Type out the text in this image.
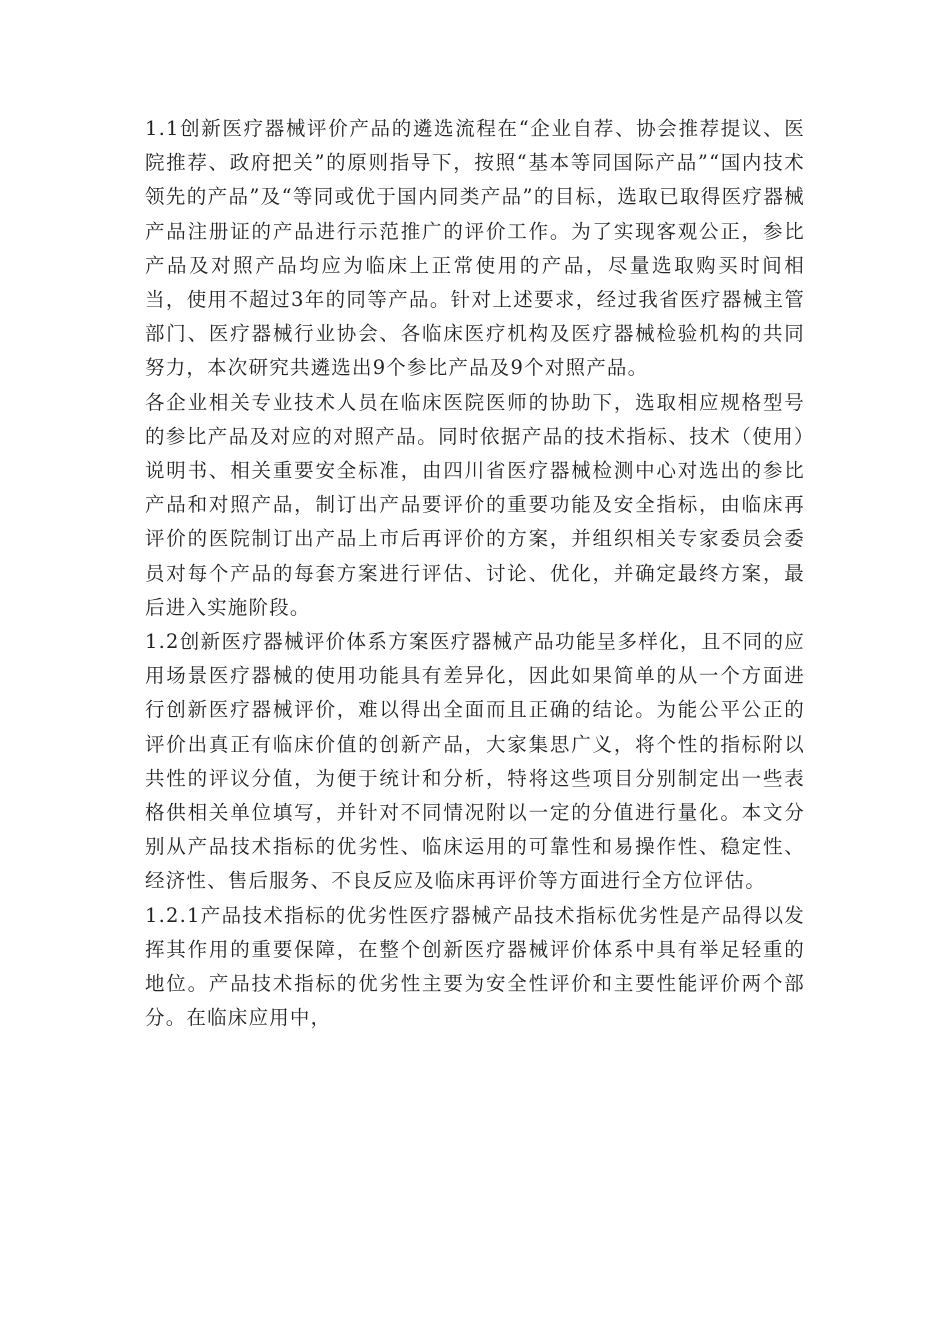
1.1创新医疗器械评价产品的遴选流程在“企业自荐、协会推荐提议、医院推荐、政府把关”的原则指导下，按照“基本等同国际产品”“国内技术领先的产品”及“等同或优于国内同类产品”的目标，选取已取得医疗器械产品注册证的产品进行示范推广的评价工作。为了实现客观公正，参比产品及对照产品均应为临床上正常使用的产品，尽量选取购买时间相当，使用不超过3年的同等产品。针对上述要求，经过我省医疗器械主管部门、医疗器械行业协会、各临床医疗机构及医疗器械检验机构的共同努力，本次研究共遴选出9个参比产品及9个对照产品。

各企业相关专业技术人员在临床医院医师的协助下，选取相应规格型号的参比产品及对应的对照产品。同时依据产品的技术指标、技术（使用）说明书、相关重要安全标准，由四川省医疗器械检测中心对选出的参比产品和对照产品，制订出产品要评价的重要功能及安全指标，由临床再评价的医院制订出产品上市后再评价的方案，并组织相关专家委员会委员对每个产品的每套方案进行评估、讨论、优化，并确定最终方案，最后进入实施阶段。

1.2创新医疗器械评价体系方案医疗器械产品功能呈多样化，且不同的应用场景医疗器械的使用功能具有差异化，因此如果简单的从一个方面进行创新医疗器械评价，难以得出全面而且正确的结论。为能公平公正的评价出真正有临床价值的创新产品，大家集思广义，将个性的指标附以共性的评议分值，为便于统计和分析，特将这些项目分别制定出一些表格供相关单位填写，并针对不同情况附以一定的分值进行量化。本文分别从产品技术指标的优劣性、临床运用的可靠性和易操作性、稳定性、经济性、售后服务、不良反应及临床再评价等方面进行全方位评估。

1.2.1产品技术指标的优劣性医疗器械产品技术指标优劣性是产品得以发挥其作用的重要保障，在整个创新医疗器械评价体系中具有举足轻重的地位。产品技术指标的优劣性主要为安全性评价和主要性能评价两个部分。在临床应用中，
